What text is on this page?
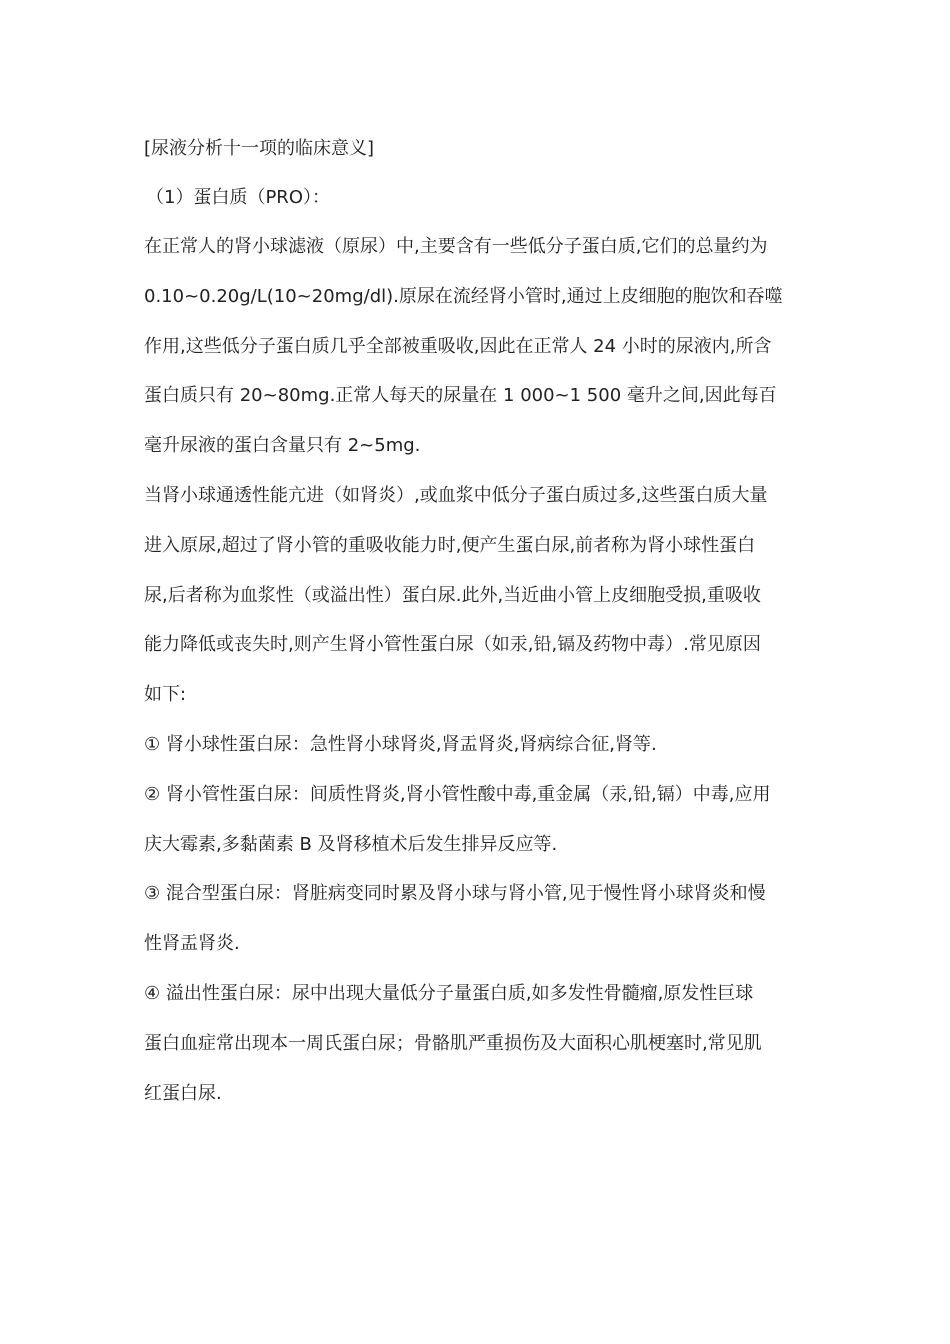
[尿液分析十一项的临床意义]

（1）蛋白质（PRO）：

在正常人的肾小球滤液（原尿）中,主要含有一些低分子蛋白质,它们的总量约为

0.10~0.20g/L(10~20mg/dl).原尿在流经肾小管时,通过上皮细胞的胞饮和吞噬

作用,这些低分子蛋白质几乎全部被重吸收,因此在正常人 24 小时的尿液内,所含

蛋白质只有 20~80mg.正常人每天的尿量在 1 000~1 500 毫升之间,因此每百

毫升尿液的蛋白含量只有 2~5mg.

当肾小球通透性能亢进（如肾炎）,或血浆中低分子蛋白质过多,这些蛋白质大量

进入原尿,超过了肾小管的重吸收能力时,便产生蛋白尿,前者称为肾小球性蛋白

尿,后者称为血浆性（或溢出性）蛋白尿.此外,当近曲小管上皮细胞受损,重吸收

能力降低或丧失时,则产生肾小管性蛋白尿（如汞,铅,镉及药物中毒）.常见原因

如下:

① 肾小球性蛋白尿：急性肾小球肾炎,肾盂肾炎,肾病综合征,肾等.

② 肾小管性蛋白尿：间质性肾炎,肾小管性酸中毒,重金属（汞,铅,镉）中毒,应用

庆大霉素,多黏菌素 B 及肾移植术后发生排异反应等.

③ 混合型蛋白尿：肾脏病变同时累及肾小球与肾小管,见于慢性肾小球肾炎和慢

性肾盂肾炎.

④ 溢出性蛋白尿：尿中出现大量低分子量蛋白质,如多发性骨髓瘤,原发性巨球

蛋白血症常出现本一周氏蛋白尿；骨骼肌严重损伤及大面积心肌梗塞时,常见肌

红蛋白尿.
